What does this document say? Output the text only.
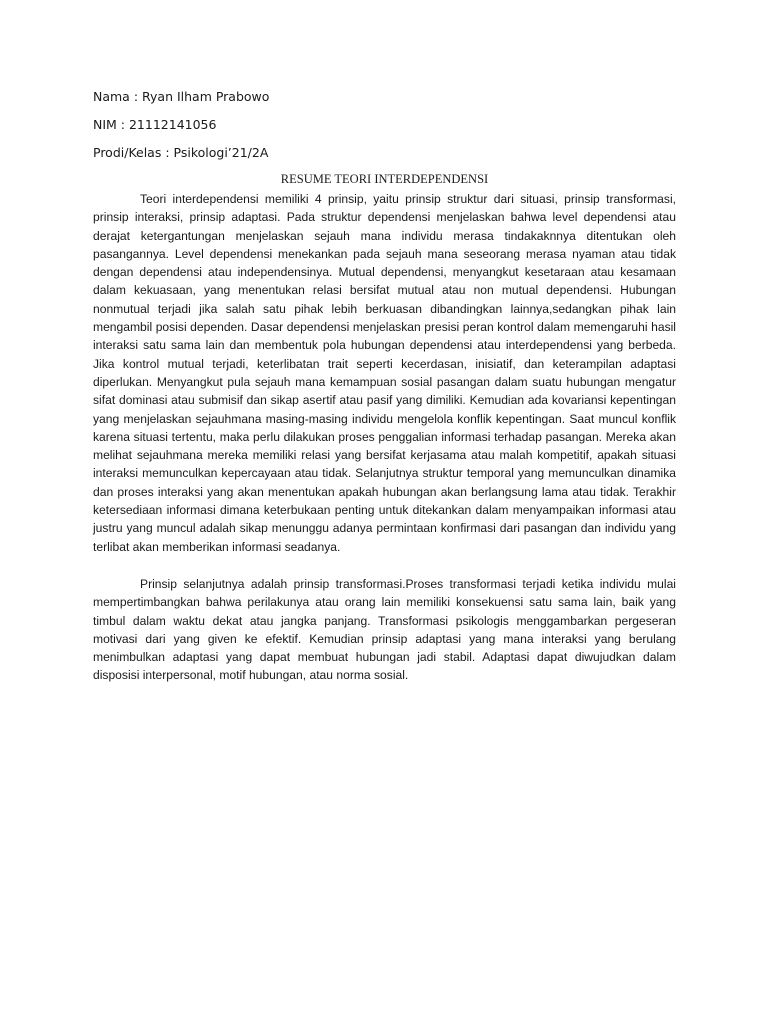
Nama : Ryan Ilham Prabowo
NIM : 21112141056
Prodi/Kelas : Psikologi’21/2A
RESUME TEORI INTERDEPENDENSI

Teori interdependensi memiliki 4 prinsip, yaitu prinsip struktur dari situasi, prinsip transformasi, prinsip interaksi, prinsip adaptasi. Pada struktur dependensi menjelaskan bahwa level dependensi atau derajat ketergantungan menjelaskan sejauh mana individu merasa tindakaknnya ditentukan oleh pasangannya. Level dependensi menekankan pada sejauh mana seseorang merasa nyaman atau tidak dengan dependensi atau independensinya. Mutual dependensi, menyangkut kesetaraan atau kesamaan dalam kekuasaan, yang menentukan relasi bersifat mutual atau non mutual dependensi. Hubungan nonmutual terjadi jika salah satu pihak lebih berkuasan dibandingkan lainnya,sedangkan pihak lain mengambil posisi dependen. Dasar dependensi menjelaskan presisi peran kontrol dalam memengaruhi hasil interaksi satu sama lain dan membentuk pola hubungan dependensi atau interdependensi yang berbeda. Jika kontrol mutual terjadi, keterlibatan trait seperti kecerdasan, inisiatif, dan keterampilan adaptasi diperlukan. Menyangkut pula sejauh mana kemampuan sosial pasangan dalam suatu hubungan mengatur sifat dominasi atau submisif dan sikap asertif atau pasif yang dimiliki. Kemudian ada kovariansi kepentingan yang menjelaskan sejauhmana masing-masing individu mengelola konflik kepentingan. Saat muncul konflik karena situasi tertentu, maka perlu dilakukan proses penggalian informasi terhadap pasangan. Mereka akan melihat sejauhmana mereka memiliki relasi yang bersifat kerjasama atau malah kompetitif, apakah situasi interaksi memunculkan kepercayaan atau tidak. Selanjutnya struktur temporal yang memunculkan dinamika dan proses interaksi yang akan menentukan apakah hubungan akan berlangsung lama atau tidak. Terakhir ketersediaan informasi dimana keterbukaan penting untuk ditekankan dalam menyampaikan informasi atau justru yang muncul adalah sikap menunggu adanya permintaan konfirmasi dari pasangan dan individu yang terlibat akan memberikan informasi seadanya.

Prinsip selanjutnya adalah prinsip transformasi.Proses transformasi terjadi ketika individu mulai mempertimbangkan bahwa perilakunya atau orang lain memiliki konsekuensi satu sama lain, baik yang timbul dalam waktu dekat atau jangka panjang. Transformasi psikologis menggambarkan pergeseran motivasi dari yang given ke efektif. Kemudian prinsip adaptasi yang mana interaksi yang berulang menimbulkan adaptasi yang dapat membuat hubungan jadi stabil. Adaptasi dapat diwujudkan dalam disposisi interpersonal, motif hubungan, atau norma sosial.
